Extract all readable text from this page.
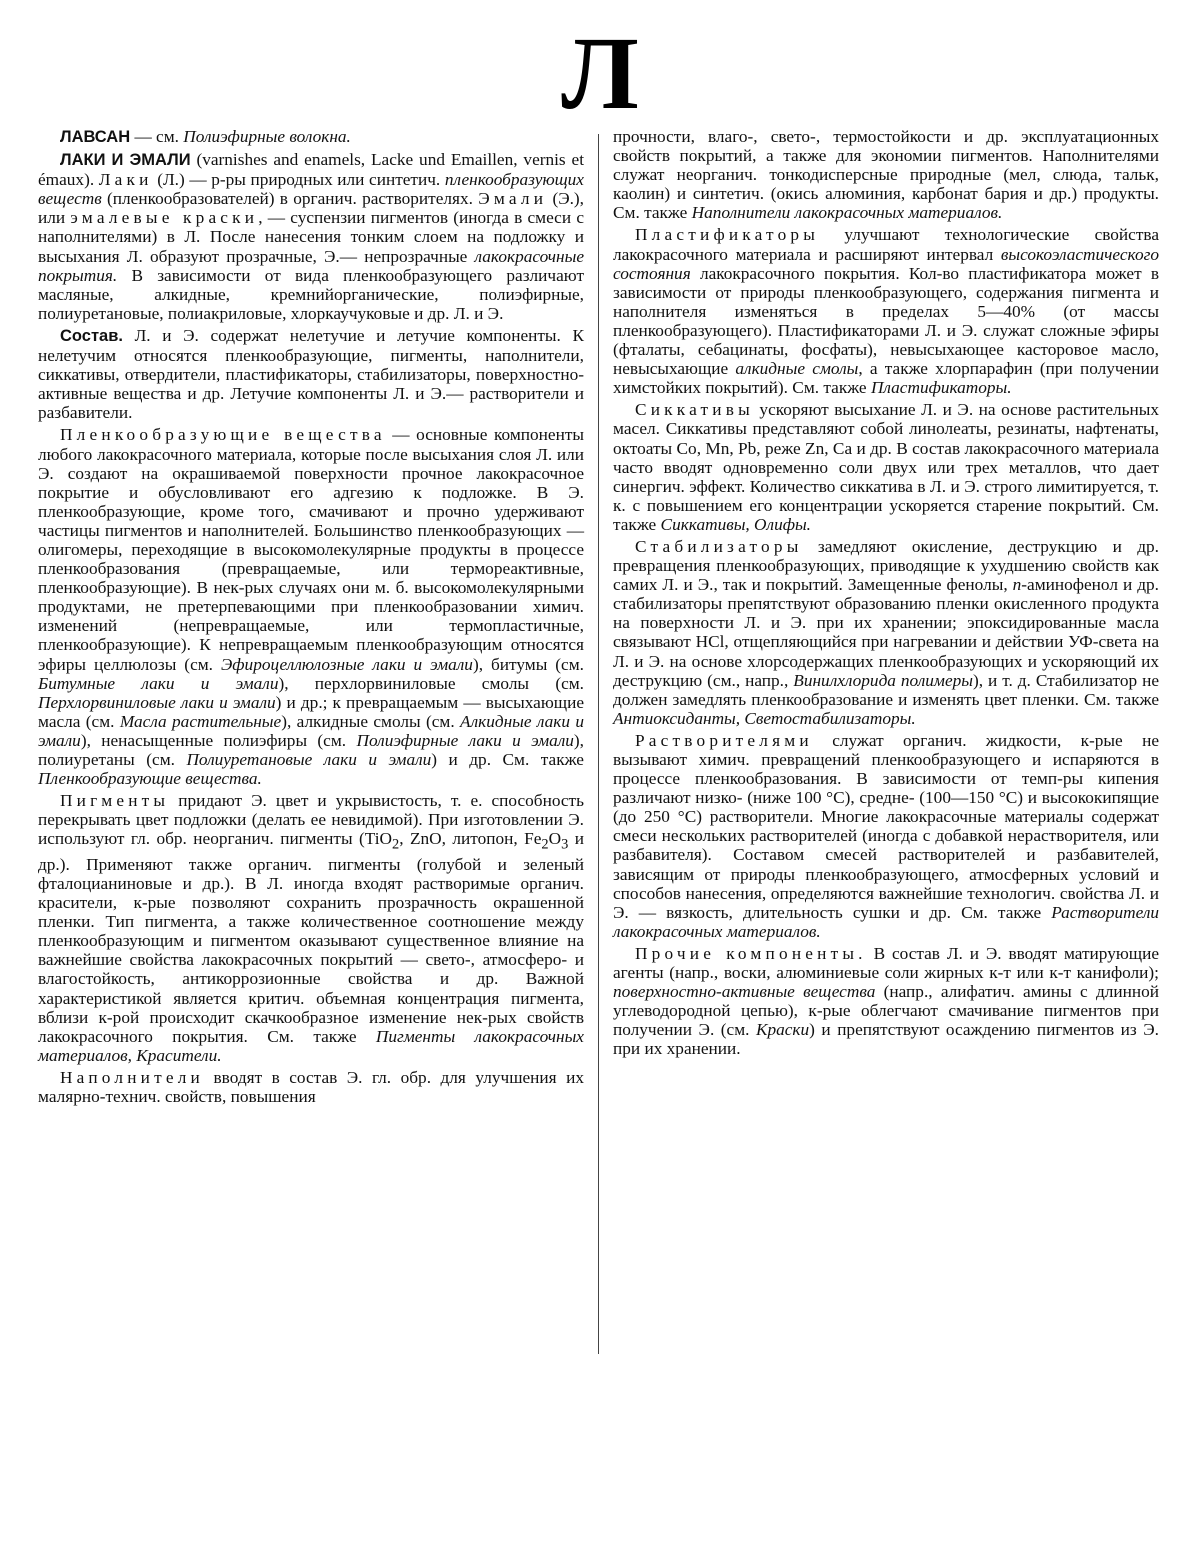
Л

ЛАВСАН — см. Полиэфирные волокна.

ЛАКИ И ЭМАЛИ (varnishes and enamels, Lacke und Emaillen, vernis et émaux). Лаки (Л.) — р-ры природных или синтетич. пленкообразующих веществ (пленкообразователей) в органич. растворителях. Эмали (Э.), или эмалевые краски, — суспензии пигментов (иногда в смеси с наполнителями) в Л. После нанесения тонким слоем на подложку и высыхания Л. образуют прозрачные, Э.— непрозрачные лакокрасочные покрытия. В зависимости от вида пленкообразующего различают масляные, алкидные, кремнийорганические, полиэфирные, полиуретановые, полиакриловые, хлоркаучуковые и др. Л. и Э.

Состав. Л. и Э. содержат нелетучие и летучие компоненты. К нелетучим относятся пленкообразующие, пигменты, наполнители, сиккативы, отвердители, пластификаторы, стабилизаторы, поверхностно-активные вещества и др. Летучие компоненты Л. и Э.— растворители и разбавители.

Пленкообразующие вещества — основные компоненты любого лакокрасочного материала, которые после высыхания слоя Л. или Э. создают на окрашиваемой поверхности прочное лакокрасочное покрытие и обусловливают его адгезию к подложке. В Э. пленкообразующие, кроме того, смачивают и прочно удерживают частицы пигментов и наполнителей. Большинство пленкообразующих — олигомеры, переходящие в высокомолекулярные продукты в процессе пленкообразования (превращаемые, или термореактивные, пленкообразующие). В нек-рых случаях они м. б. высокомолекулярными продуктами, не претерпевающими при пленкообразовании химич. изменений (непревращаемые, или термопластичные, пленкообразующие). К непревращаемым пленкообразующим относятся эфиры целлюлозы (см. Эфироцеллюлозные лаки и эмали), битумы (см. Битумные лаки и эмали), перхлорвиниловые смолы (см. Перхлорвиниловые лаки и эмали) и др.; к превращаемым — высыхающие масла (см. Масла растительные), алкидные смолы (см. Алкидные лаки и эмали), ненасыщенные полиэфиры (см. Полиэфирные лаки и эмали), полиуретаны (см. Полиуретановые лаки и эмали) и др. См. также Пленкообразующие вещества.

Пигменты придают Э. цвет и укрывистость, т. е. способность перекрывать цвет подложки (делать ее невидимой). При изготовлении Э. используют гл. обр. неорганич. пигменты (TiO$_2$, ZnO, литопон, $Fe_2O_3$ и др.). Применяют также органич. пигменты (голубой и зеленый фталоцианиновые и др.). В Л. иногда входят растворимые органич. красители, к-рые позволяют сохранить прозрачность окрашенной пленки. Тип пигмента, а также количественное соотношение между пленкообразующим и пигментом оказывают существенное влияние на важнейшие свойства лакокрасочных покрытий — свето-, атмосферо- и влагостойкость, антикоррозионные свойства и др. Важной характеристикой является критич. объемная концентрация пигмента, вблизи к-рой происходит скачкообразное изменение нек-рых свойств лакокрасочного покрытия. См. также Пигменты лакокрасочных материалов, Красители.

Наполнители вводят в состав Э. гл. обр. для улучшения их малярно-технич. свойств, повышения

прочности, влаго-, свето-, термостойкости и др. эксплуатационных свойств покрытий, а также для экономии пигментов. Наполнителями служат неорганич. тонкодисперсные природные (мел, слюда, тальк, каолин) и синтетич. (окись алюминия, карбонат бария и др.) продукты. См. также Наполнители лакокрасочных материалов.

Пластификаторы улучшают технологические свойства лакокрасочного материала и расширяют интервал высокоэластического состояния лакокрасочного покрытия. Кол-во пластификатора может в зависимости от природы пленкообразующего, содержания пигмента и наполнителя изменяться в пределах 5—40% (от массы пленкообразующего). Пластификаторами Л. и Э. служат сложные эфиры (фталаты, себацинаты, фосфаты), невысыхающее касторовое масло, невысыхающие алкидные смолы, а также хлорпарафин (при получении химстойких покрытий). См. также Пластификаторы.

Сиккативы ускоряют высыхание Л. и Э. на основе растительных масел. Сиккативы представляют собой линолеаты, резинаты, нафтенаты, октоаты Co, Mn, Pb, реже Zn, Ca и др. В состав лакокрасочного материала часто вводят одновременно соли двух или трех металлов, что дает синергич. эффект. Количество сиккатива в Л. и Э. строго лимитируется, т. к. с повышением его концентрации ускоряется старение покрытий. См. также Сиккативы, Олифы.

Стабилизаторы замедляют окисление, деструкцию и др. превращения пленкообразующих, приводящие к ухудшению свойств как самих Л. и Э., так и покрытий. Замещенные фенолы, n-аминофенол и др. стабилизаторы препятствуют образованию пленки окисленного продукта на поверхности Л. и Э. при их хранении; эпоксидированные масла связывают HCl, отщепляющийся при нагревании и действии УФ-света на Л. и Э. на основе хлорсодержащих пленкообразующих и ускоряющий их деструкцию (см., напр., Винилхлорида полимеры), и т. д. Стабилизатор не должен замедлять пленкообразование и изменять цвет пленки. См. также Антиоксиданты, Светостабилизаторы.

Растворителями служат органич. жидкости, к-рые не вызывают химич. превращений пленкообразующего и испаряются в процессе пленкообразования. В зависимости от темп-ры кипения различают низко- (ниже 100 °С), средне- (100—150 °С) и высококипящие (до 250 °С) растворители. Многие лакокрасочные материалы содержат смеси нескольких растворителей (иногда с добавкой нерастворителя, или разбавителя). Составом смесей растворителей и разбавителей, зависящим от природы пленкообразующего, атмосферных условий и способов нанесения, определяются важнейшие технологич. свойства Л. и Э. — вязкость, длительность сушки и др. См. также Растворители лакокрасочных материалов.

Прочие компоненты. В состав Л. и Э. вводят матирующие агенты (напр., воски, алюминиевые соли жирных к-т или к-т канифоли); поверхностно-активные вещества (напр., алифатич. амины с длинной углеводородной цепью), к-рые облегчают смачивание пигментов при получении Э. (см. Краски) и препятствуют осаждению пигментов из Э. при их хранении.
